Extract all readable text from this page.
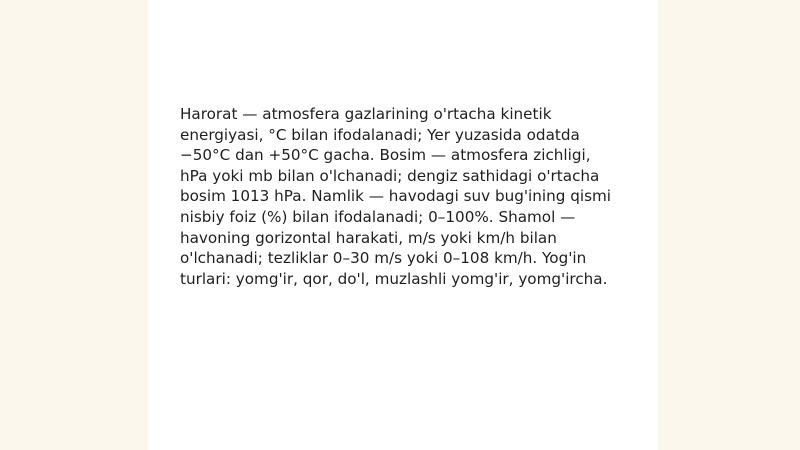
Harorat — atmosfera gazlarining o'rtacha kinetik energiyasi, °C bilan ifodalanadi; Yer yuzasida odatda −50°C dan +50°C gacha. Bosim — atmosfera zichligi, hPa yoki mb bilan o'lchanadi; dengiz sathidagi o'rtacha bosim 1013 hPa. Namlik — havodagi suv bug'ining qismi nisbiy foiz (%) bilan ifodalanadi; 0–100%. Shamol — havoning gorizontal harakati, m/s yoki km/h bilan o'lchanadi; tezliklar 0–30 m/s yoki 0–108 km/h. Yog'in turlari: yomg'ir, qor, do'l, muzlashli yomg'ir, yomg'ircha.
